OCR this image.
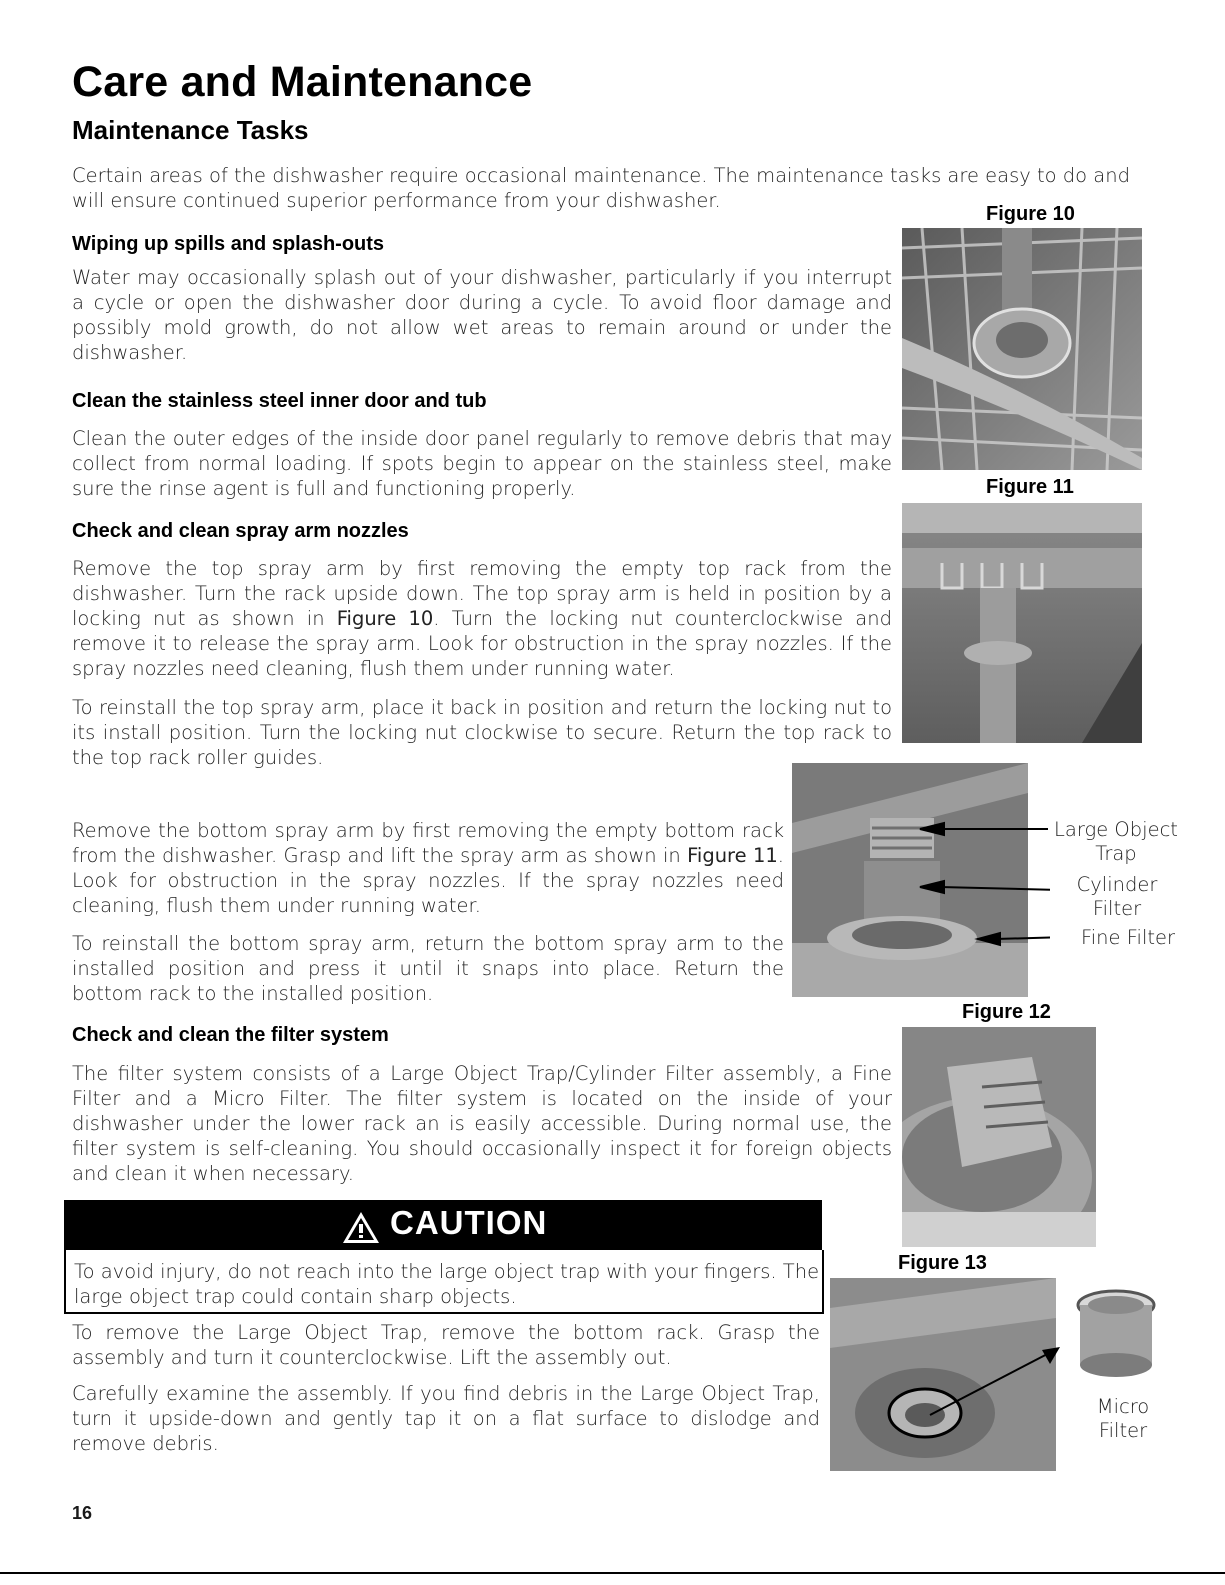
Care and Maintenance
Maintenance Tasks

Certain areas of the dishwasher require occasional maintenance. The maintenance tasks are easy to do and will ensure continued superior performance from your dishwasher.

Figure 10
Figure 11
Wiping up spills and splash-outs

Water may occasionally splash out of your dishwasher, particularly if you interrupt a cycle or open the dishwasher door during a cycle. To avoid floor damage and possibly mold growth, do not allow wet areas to remain around or under the dishwasher.

Clean the stainless steel inner door and tub

Clean the outer edges of the inside door panel regularly to remove debris that may collect from normal loading. If spots begin to appear on the stainless steel, make sure the rinse agent is full and functioning properly.

Check and clean spray arm nozzles

Remove the top spray arm by first removing the empty top rack from the dishwasher. Turn the rack upside down. The top spray arm is held in position by a locking nut as shown in Figure 10. Turn the locking nut counterclockwise and remove it to release the spray arm. Look for obstruction in the spray nozzles. If the spray nozzles need cleaning, flush them under running water.

To reinstall the top spray arm, place it back in position and return the locking nut to its install position. Turn the locking nut clockwise to secure. Return the top rack to the top rack roller guides.

Remove the bottom spray arm by first removing the empty bottom rack from the dishwasher. Grasp and lift the spray arm as shown in Figure 11. Look for obstruction in the spray nozzles. If the spray nozzles need cleaning, flush them under running water.

To reinstall the bottom spray arm, return the bottom spray arm to the installed position and press it until it snaps into place. Return the bottom rack to the installed position.

Large Object
Trap
Cylinder
Filter
Fine Filter
Check and clean the filter system

The filter system consists of a Large Object Trap/Cylinder Filter assembly, a Fine Filter and a Micro Filter. The filter system is located on the inside of your dishwasher under the lower rack an is easily accessible. During normal use, the filter system is self-cleaning. You should occasionally inspect it for foreign objects and clean it when necessary.

Figure 12
CAUTION

To avoid injury, do not reach into the large object trap with your fingers. The large object trap could contain sharp objects.

To remove the Large Object Trap, remove the bottom rack. Grasp the assembly and turn it counterclockwise. Lift the assembly out.

Carefully examine the assembly. If you find debris in the Large Object Trap, turn it upside-down and gently tap it on a flat surface to dislodge and remove debris.

Figure 13
Micro
Filter
16
